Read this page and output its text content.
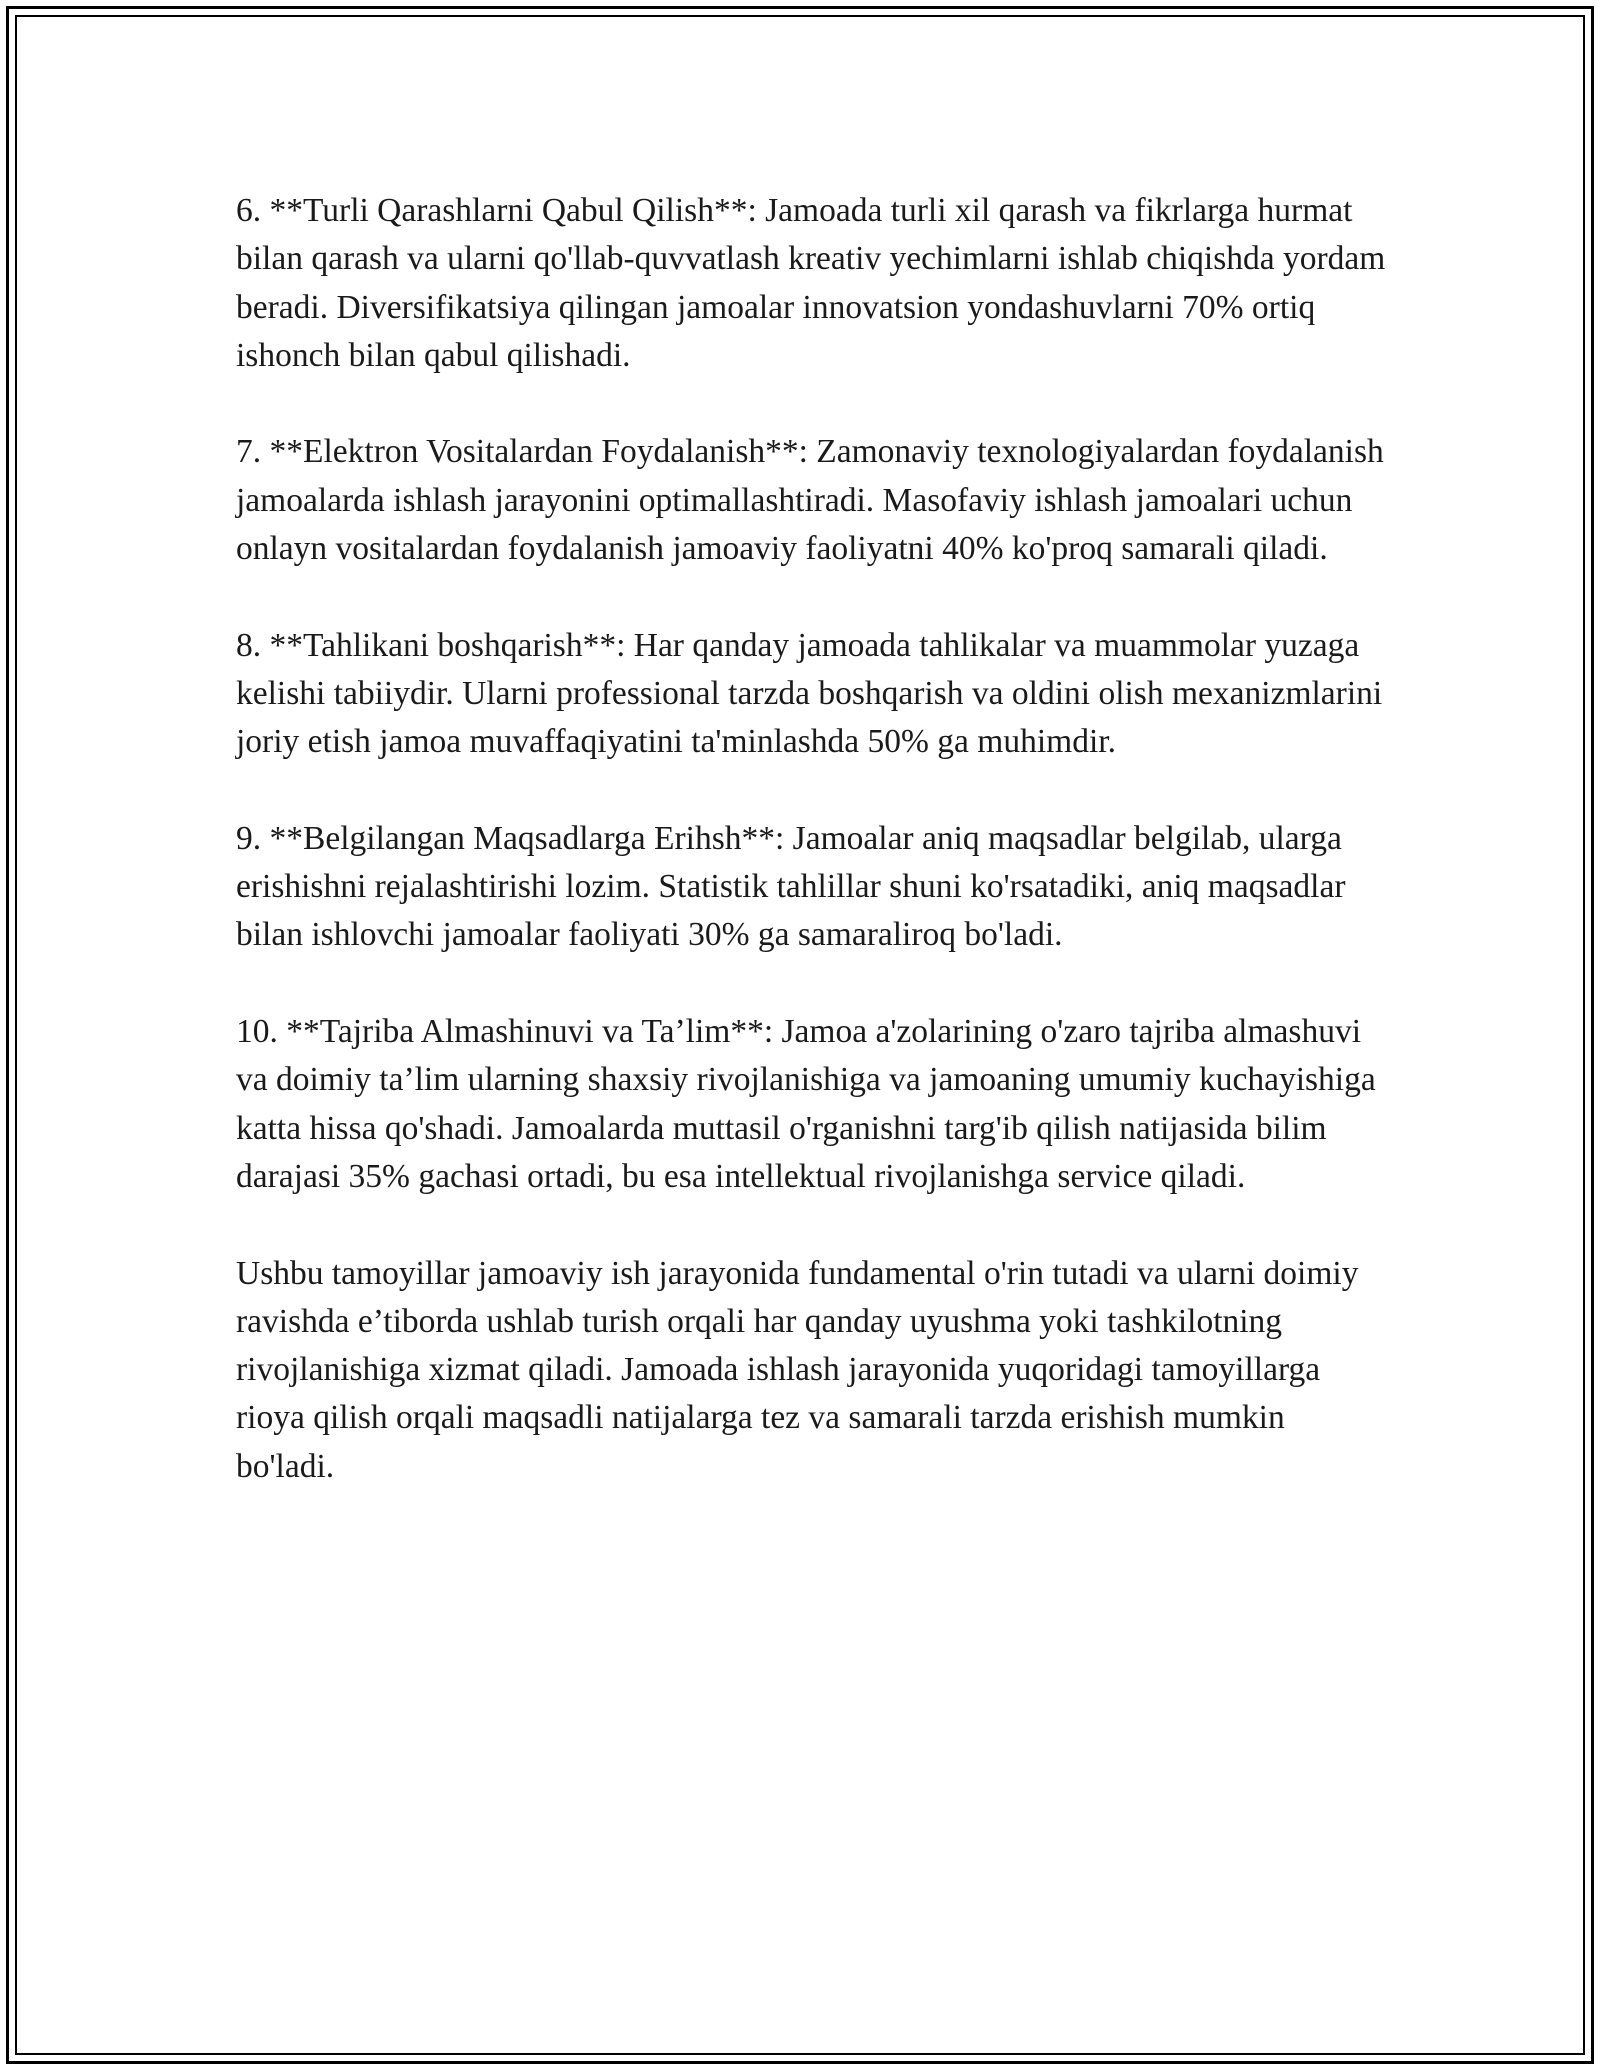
6. **Turli Qarashlarni Qabul Qilish**: Jamoada turli xil qarash va fikrlarga hurmat bilan qarash va ularni qo'llab-quvvatlash kreativ yechimlarni ishlab chiqishda yordam beradi. Diversifikatsiya qilingan jamoalar innovatsion yondashuvlarni 70% ortiq ishonch bilan qabul qilishadi.

7. **Elektron Vositalardan Foydalanish**: Zamonaviy texnologiyalardan foydalanish jamoalarda ishlash jarayonini optimallashtiradi. Masofaviy ishlash jamoalari uchun onlayn vositalardan foydalanish jamoaviy faoliyatni 40% ko'proq samarali qiladi.

8. **Tahlikani boshqarish**: Har qanday jamoada tahlikalar va muammolar yuzaga kelishi tabiiydir. Ularni professional tarzda boshqarish va oldini olish mexanizmlarini joriy etish jamoa muvaffaqiyatini ta'minlashda 50% ga muhimdir.

9. **Belgilangan Maqsadlarga Erihsh**: Jamoalar aniq maqsadlar belgilab, ularga erishishni rejalashtirishi lozim. Statistik tahlillar shuni ko'rsatadiki, aniq maqsadlar bilan ishlovchi jamoalar faoliyati 30% ga samaraliroq bo'ladi.

10. **Tajriba Almashinuvi va Ta’lim**: Jamoa a'zolarining o'zaro tajriba almashuvi va doimiy ta’lim ularning shaxsiy rivojlanishiga va jamoaning umumiy kuchayishiga katta hissa qo'shadi. Jamoalarda muttasil o'rganishni targ'ib qilish natijasida bilim darajasi 35% gachasi ortadi, bu esa intellektual rivojlanishga service qiladi.

Ushbu tamoyillar jamoaviy ish jarayonida fundamental o'rin tutadi va ularni doimiy ravishda e’tiborda ushlab turish orqali har qanday uyushma yoki tashkilotning rivojlanishiga xizmat qiladi. Jamoada ishlash jarayonida yuqoridagi tamoyillarga rioya qilish orqali maqsadli natijalarga tez va samarali tarzda erishish mumkin bo'ladi.
